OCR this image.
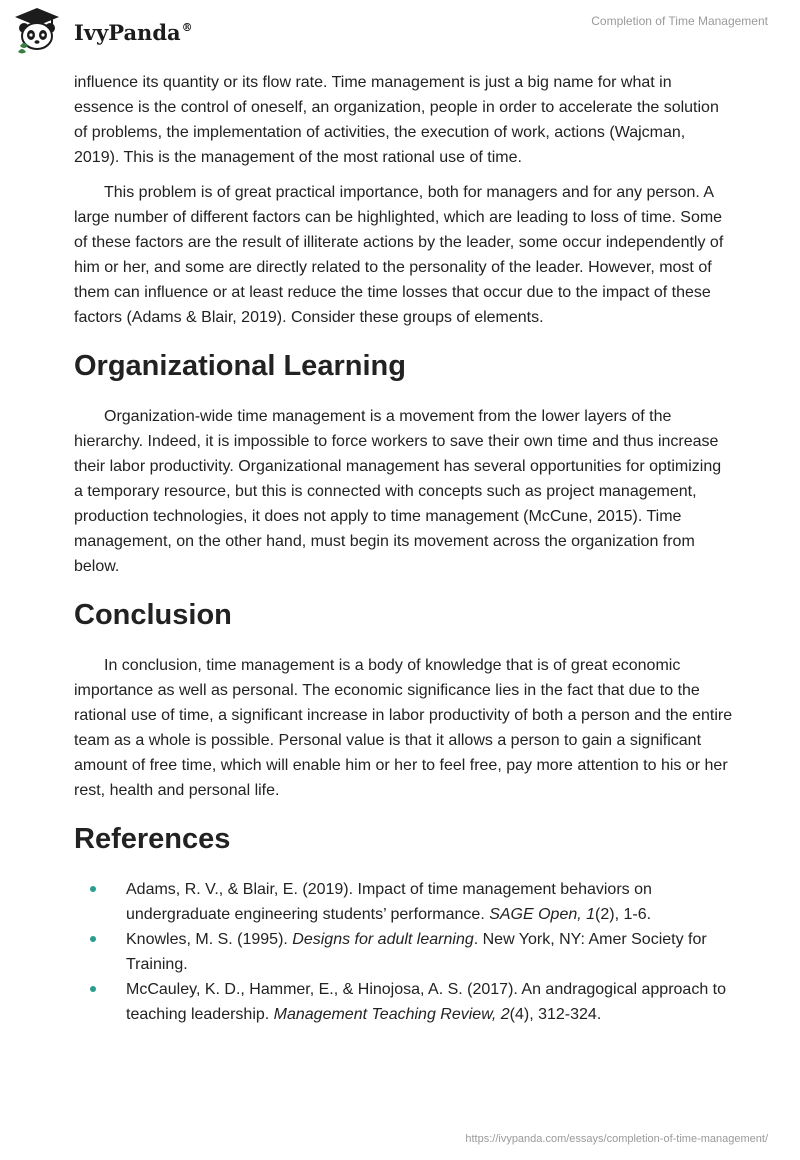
IvyPanda®	Completion of Time Management

influence its quantity or its flow rate. Time management is just a big name for what in essence is the control of oneself, an organization, people in order to accelerate the solution of problems, the implementation of activities, the execution of work, actions (Wajcman, 2019). This is the management of the most rational use of time.

This problem is of great practical importance, both for managers and for any person. A large number of different factors can be highlighted, which are leading to loss of time. Some of these factors are the result of illiterate actions by the leader, some occur independently of him or her, and some are directly related to the personality of the leader. However, most of them can influence or at least reduce the time losses that occur due to the impact of these factors (Adams & Blair, 2019). Consider these groups of elements.

Organizational Learning

Organization-wide time management is a movement from the lower layers of the hierarchy. Indeed, it is impossible to force workers to save their own time and thus increase their labor productivity. Organizational management has several opportunities for optimizing a temporary resource, but this is connected with concepts such as project management, production technologies, it does not apply to time management (McCune, 2015). Time management, on the other hand, must begin its movement across the organization from below.

Conclusion

In conclusion, time management is a body of knowledge that is of great economic importance as well as personal. The economic significance lies in the fact that due to the rational use of time, a significant increase in labor productivity of both a person and the entire team as a whole is possible. Personal value is that it allows a person to gain a significant amount of free time, which will enable him or her to feel free, pay more attention to his or her rest, health and personal life.

References
Adams, R. V., & Blair, E. (2019). Impact of time management behaviors on undergraduate engineering students’ performance. SAGE Open, 1(2), 1-6.
Knowles, M. S. (1995). Designs for adult learning. New York, NY: Amer Society for Training.
McCauley, K. D., Hammer, E., & Hinojosa, A. S. (2017). An andragogical approach to teaching leadership. Management Teaching Review, 2(4), 312-324.
https://ivypanda.com/essays/completion-of-time-management/
